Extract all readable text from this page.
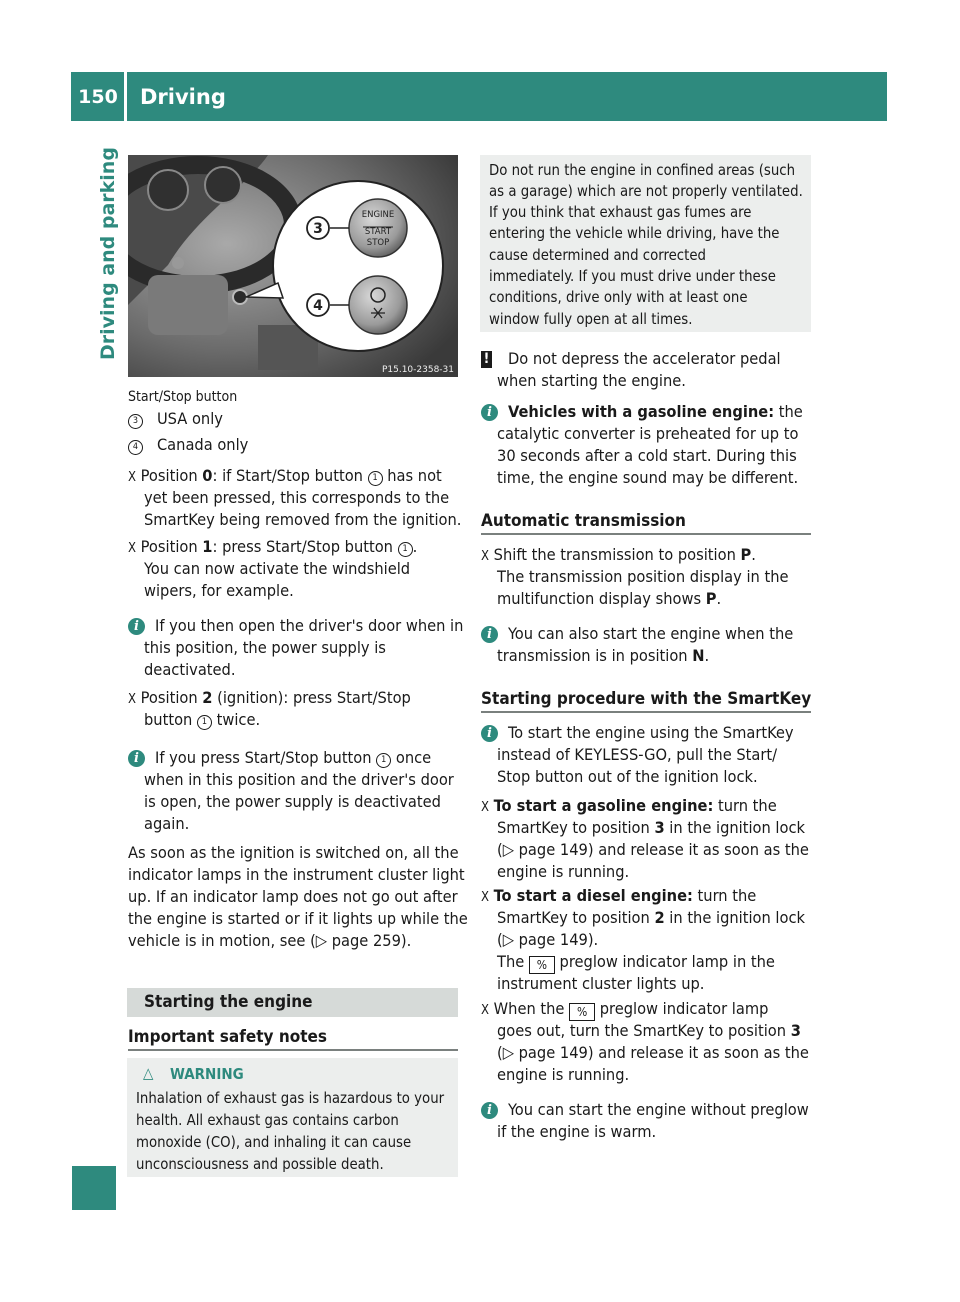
150	Driving
Driving and parking	ENGINE
START
STOP
3
4
P15.10-2358-31
Start/Stop button
3 USA only
4 Canada only
X Position 0: if Start/Stop button 1 has not
yet been pressed, this corresponds to the
SmartKey being removed from the ignition.
X Position 1: press Start/Stop button 1 .
You can now activate the windshield
wipers, for example.
i If you then open the driver's door when in
this position, the power supply is
deactivated.
X Position 2 (ignition): press Start/Stop
button 1 twice.
i If you press Start/Stop button 1 once
when in this position and the driver's door
is open, the power supply is deactivated
again.
As soon as the ignition is switched on, all the
indicator lamps in the instrument cluster light
up. If an indicator lamp does not go out after
the engine is started or if it lights up while the
vehicle is in motion, see (▷ page 259).
Starting the engine
Important safety notes
△ WARNING
Inhalation of exhaust gas is hazardous to your
health. All exhaust gas contains carbon
monoxide (CO), and inhaling it can cause
unconsciousness and possible death.
Do not run the engine in confined areas (such
as a garage) which are not properly ventilated.
If you think that exhaust gas fumes are
entering the vehicle while driving, have the
cause determined and corrected
immediately. If you must drive under these
conditions, drive only with at least one
window fully open at all times.
! Do not depress the accelerator pedal
when starting the engine.
i Vehicles with a gasoline engine: the
catalytic converter is preheated for up to
30 seconds after a cold start. During this
time, the engine sound may be different.
Automatic transmission
X Shift the transmission to position P.
The transmission position display in the
multifunction display shows P.
i You can also start the engine when the
transmission is in position N.
Starting procedure with the SmartKey
i To start the engine using the SmartKey
instead of KEYLESS-GO, pull the Start/
Stop button out of the ignition lock.
X To start a gasoline engine: turn the
SmartKey to position 3 in the ignition lock
(▷ page 149) and release it as soon as the
engine is running.
X To start a diesel engine: turn the
SmartKey to position 2 in the ignition lock
(▷ page 149).
The % preglow indicator lamp in the
instrument cluster lights up.
X When the % preglow indicator lamp
goes out, turn the SmartKey to position 3
(▷ page 149) and release it as soon as the
engine is running.
i You can start the engine without preglow
if the engine is warm.
